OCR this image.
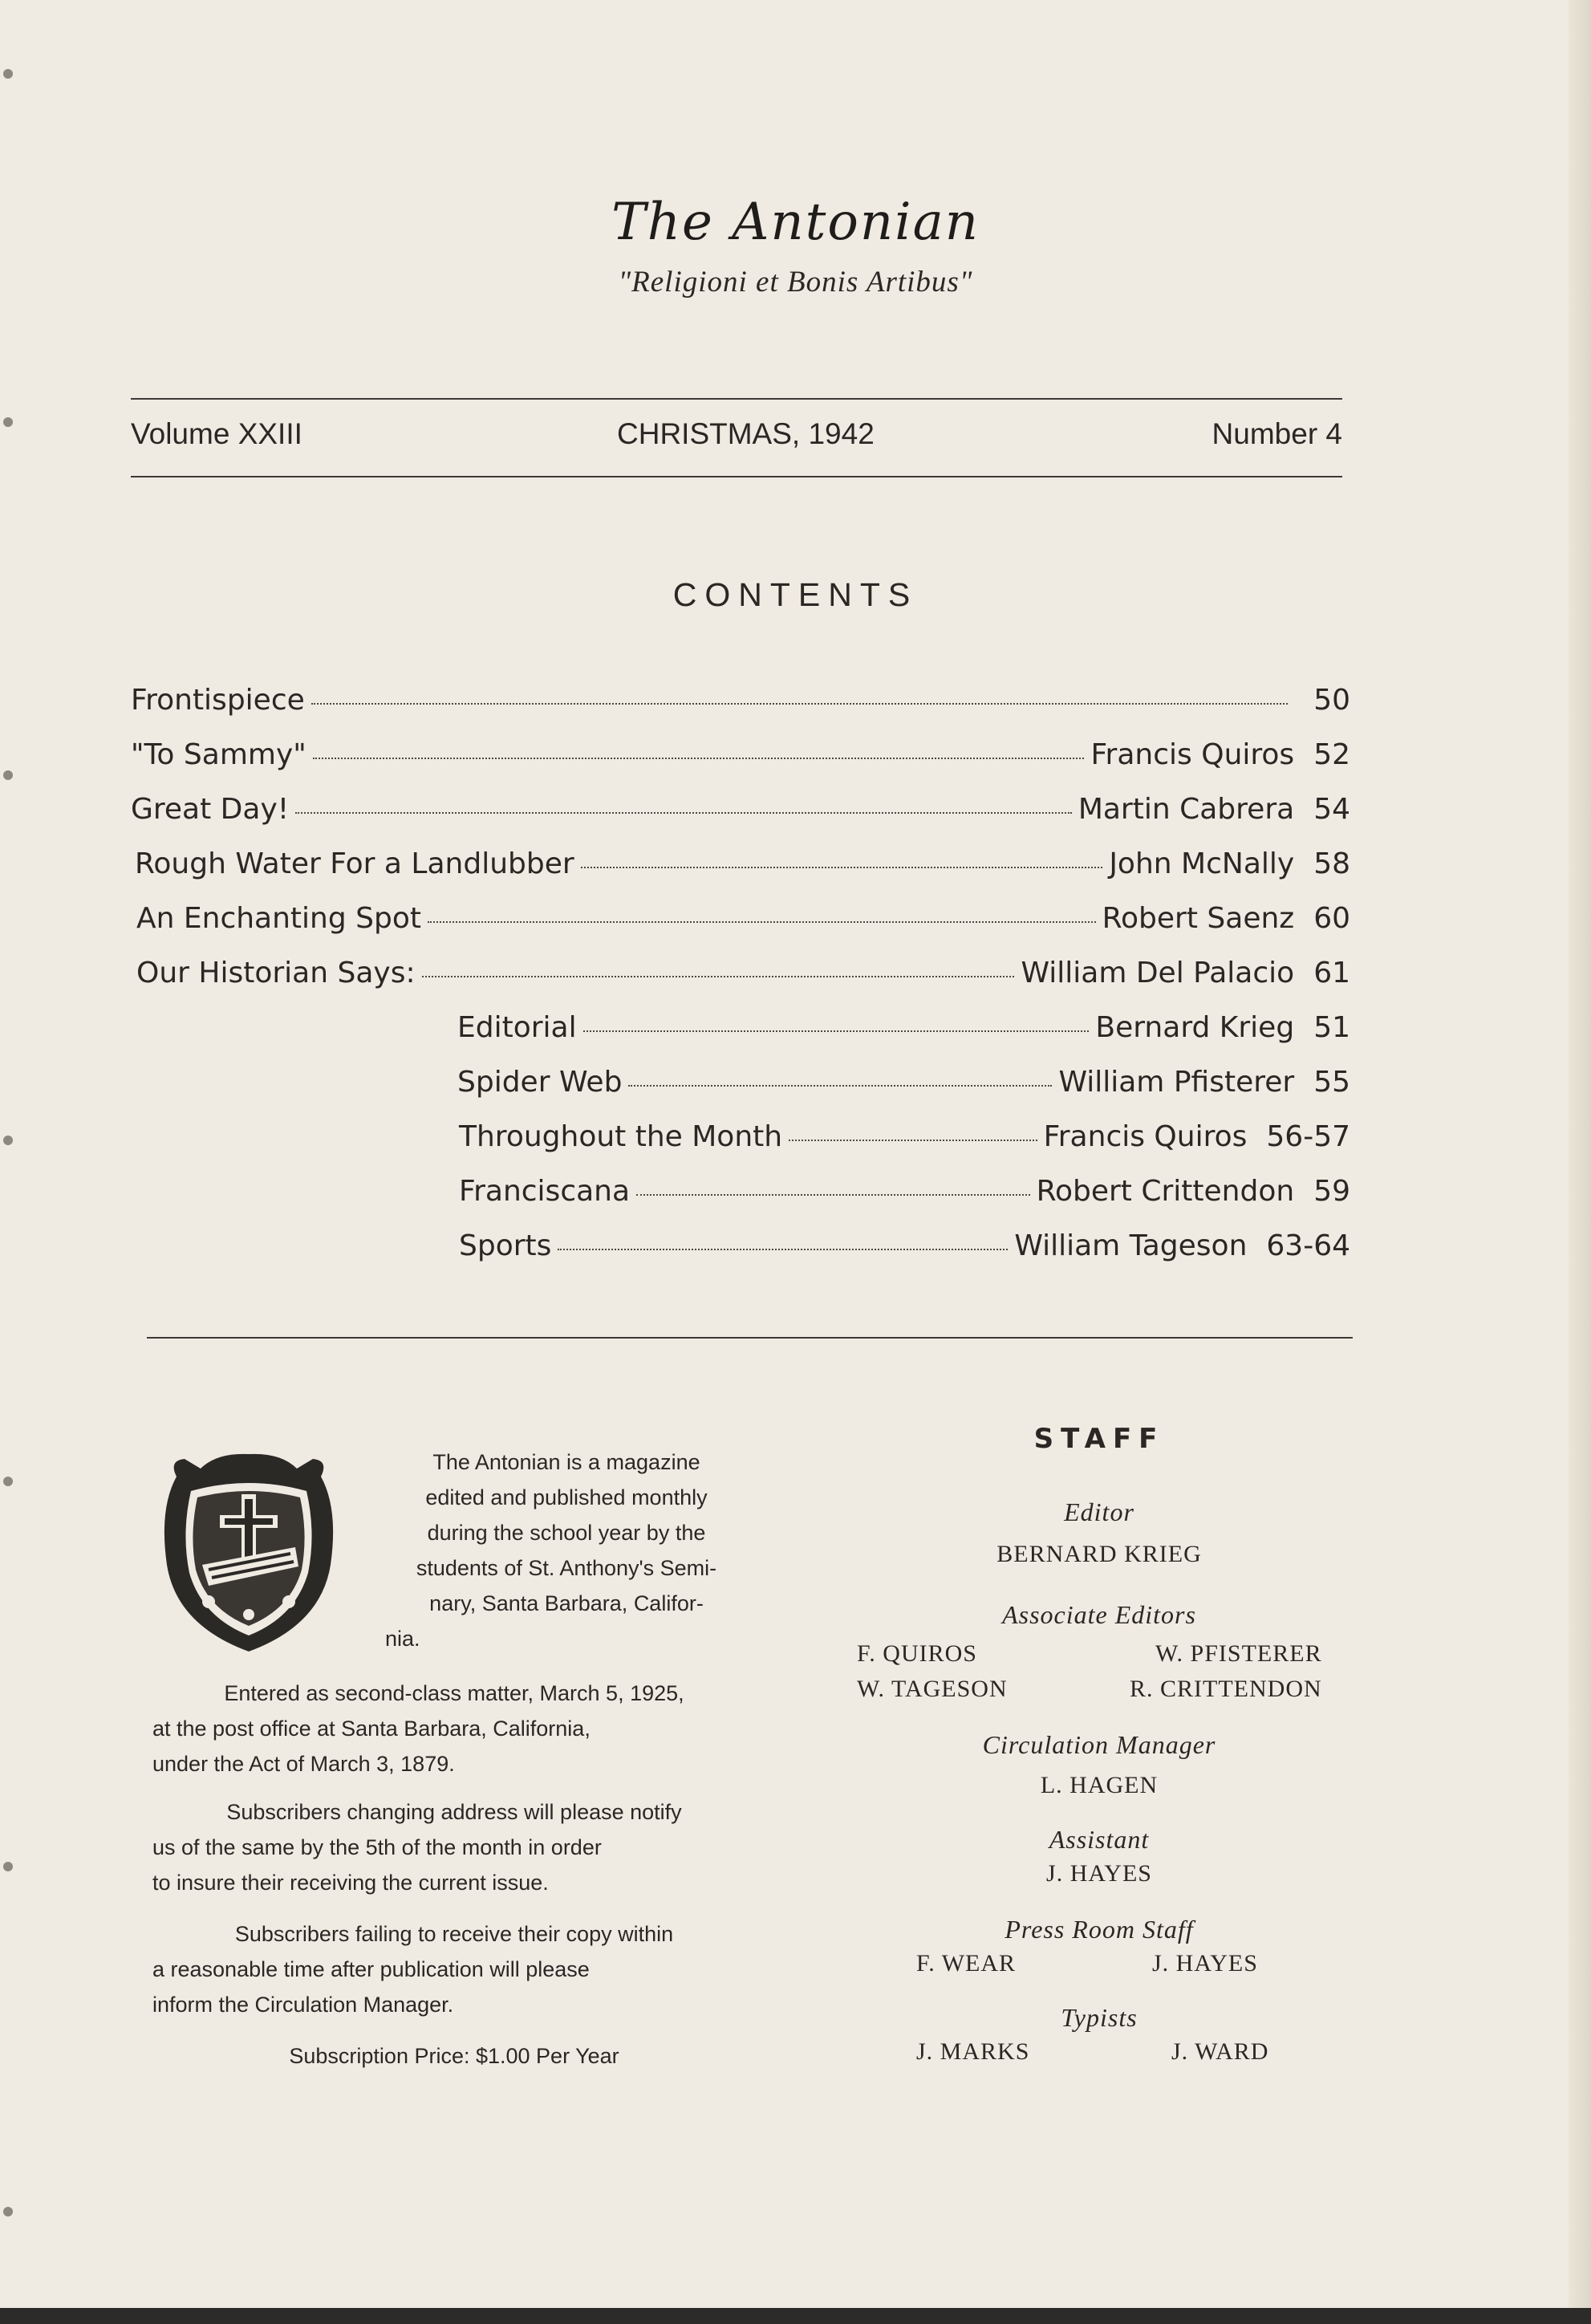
The Antonian
"Religioni et Bonis Artibus"
Volume XXIII	CHRISTMAS, 1942	Number 4
CONTENTS
Frontispiece	50
"To Sammy"	Francis Quiros 52
Great Day!	Martin Cabrera 54
Rough Water For a Landlubber	John McNally 58
An Enchanting Spot	Robert Saenz 60
Our Historian Says:	William Del Palacio 61
Editorial	Bernard Krieg 51
Spider Web	William Pfisterer 55
Throughout the Month	Francis Quiros 56-57
Franciscana	Robert Crittendon 59
Sports	William Tageson 63-64

The Antonian is a magazine

edited and published monthly

during the school year by the

students of St. Anthony's Semi-

nary, Santa Barbara, Califor-

nia.

Entered as second-class matter, March 5, 1925,

at the post office at Santa Barbara, California,

under the Act of March 3, 1879.

Subscribers changing address will please notify

us of the same by the 5th of the month in order

to insure their receiving the current issue.

Subscribers failing to receive their copy within

a reasonable time after publication will please

inform the Circulation Manager.

Subscription Price: $1.00 Per Year

STAFF
Editor
BERNARD KRIEG
Associate Editors
F. QUIROS	W. PFISTERER
W. TAGESON	R. CRITTENDON
Circulation Manager
L. HAGEN
Assistant
J. HAYES
Press Room Staff
F. WEAR	J. HAYES
Typists
J. MARKS	J. WARD
